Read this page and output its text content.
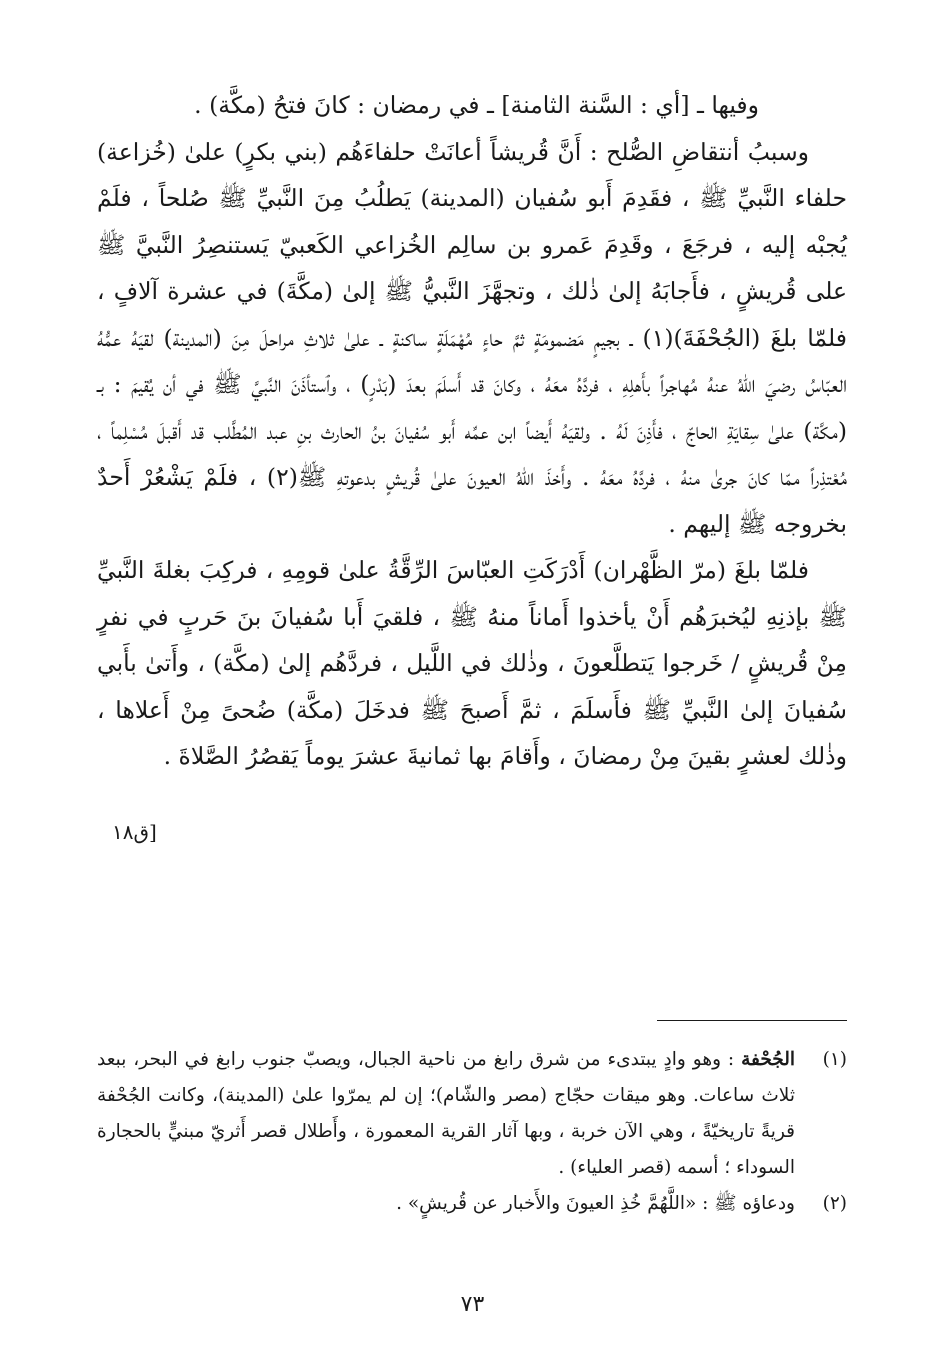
وفيها ـ [أي : السَّنة الثامنة] ـ في رمضان : كانَ فتحُ (مكَّة) .

وسببُ أنتقاضِ الصُّلح : أَنَّ قُريشاً أعانَتْ حلفاءَهُم (بني بكرٍ) علىٰ (خُزاعة) حلفاء النَّبيِّ ﷺ ، فقَدِمَ أَبو سُفيان (المدينة) يَطلُبُ مِنَ النَّبيِّ ﷺ صُلحاً ، فلَمْ يُجبْه إليه ، فرجَعَ ، وقَدِمَ عَمرو بن سالِم الخُزاعي الكَعبيّ يَستنصِرُ النَّبيَّ ﷺ على قُريشٍ ، فأَجابَهُ إلىٰ ذٰلك ، وتجهَّزَ النَّبيُّ ﷺ إلىٰ (مكَّةَ) في عشرة آلافٍ ، فلمّا بلغَ (الجُحْفَةَ)(١) ـ بجيمٍ مَضمومَةٍ ثمَّ حاءٍ مُهْمَلَةٍ ساكنةٍ ـ علىٰ ثلاثِ مراحلَ مِنَ (المدينة) لقيَهُ عمُّهُ العبّاسُ رضيَ اللهُ عنهُ مُهاجراً بأَهلِهِ ، فردَّهُ معَهُ ، وكانَ قد أَسلَمَ بعدَ (بَدْرٍ) ، وٱستأذَنَ النَّبيَّ ﷺ في أن يُقيمَ : بـ (مكَّة) علىٰ سِقايَةِ الحاجّ ، فأَذِنَ لَهُ . ولقيَهُ أَيضاً ابن عمِّه أَبو سُفيانَ بنُ الحارث بنِ عبد المُطَّلب قد أَقبلَ مُسْلِماً ، مُعْتذِراً ممّا كانَ جرىٰ منهُ ، فردَّهُ معَهُ . وأَخذَ اللهُ العيونَ علىٰ قُريشٍ بدعوتهِ ﷺ(٢) ، فلَمْ يَشْعُرْ أَحدٌ بخروجه ﷺ إليهم .

فلمّا بلغَ (مرّ الظَّهْران) أَدْرَكَتِ العبّاسَ الرِّقَّةُ علىٰ قومِهِ ، فركِبَ بغلةَ النَّبيِّ ﷺ بإذنِهِ ليُخبرَهُم أَنْ يأخذوا أَماناً منهُ ﷺ ، فلقيَ أَبا سُفيانَ بنَ حَربٍ في نفرٍ مِنْ قُريشٍ / خَرجوا يَتطلَّعونَ ، وذٰلك في اللَّيل ، فردَّهُم إلىٰ (مكَّة) ، وأَتىٰ بأَبي سُفيانَ إلىٰ النَّبيِّ ﷺ فأَسلَمَ ، ثمَّ أَصبحَ ﷺ فدخَلَ (مكَّة) ضُحىً مِنْ أَعلاها ، وذٰلك لعشرٍ بقينَ مِنْ رمضانَ ، وأَقامَ بها ثمانيةَ عشرَ يوماً يَقصُرُ الصَّلاةَ .

[ق١٨
(١)
الجُحْفة : وهو وادٍ يبتدىء من شرق رابغ من ناحية الجبال، ويصبّ جنوب رابغ في البحر، ببعد ثلاث ساعات. وهو ميقات حجّاج (مصر والشّام)؛ إن لم يمرّوا علىٰ (المدينة)، وكانت الجُحْفة قريةً تاريخيّةً ، وهي الآن خربة ، وبها آثار القرية المعمورة ، وأَطلال قصر أَثريّ مبنيٍّ بالحجارة السوداء ؛ أسمه (قصر العلياء) .
(٢)
ودعاؤه ﷺ : «اللَّهُمَّ خُذِ العيونَ والأَخبار عن قُريشٍ» .
٧٣
